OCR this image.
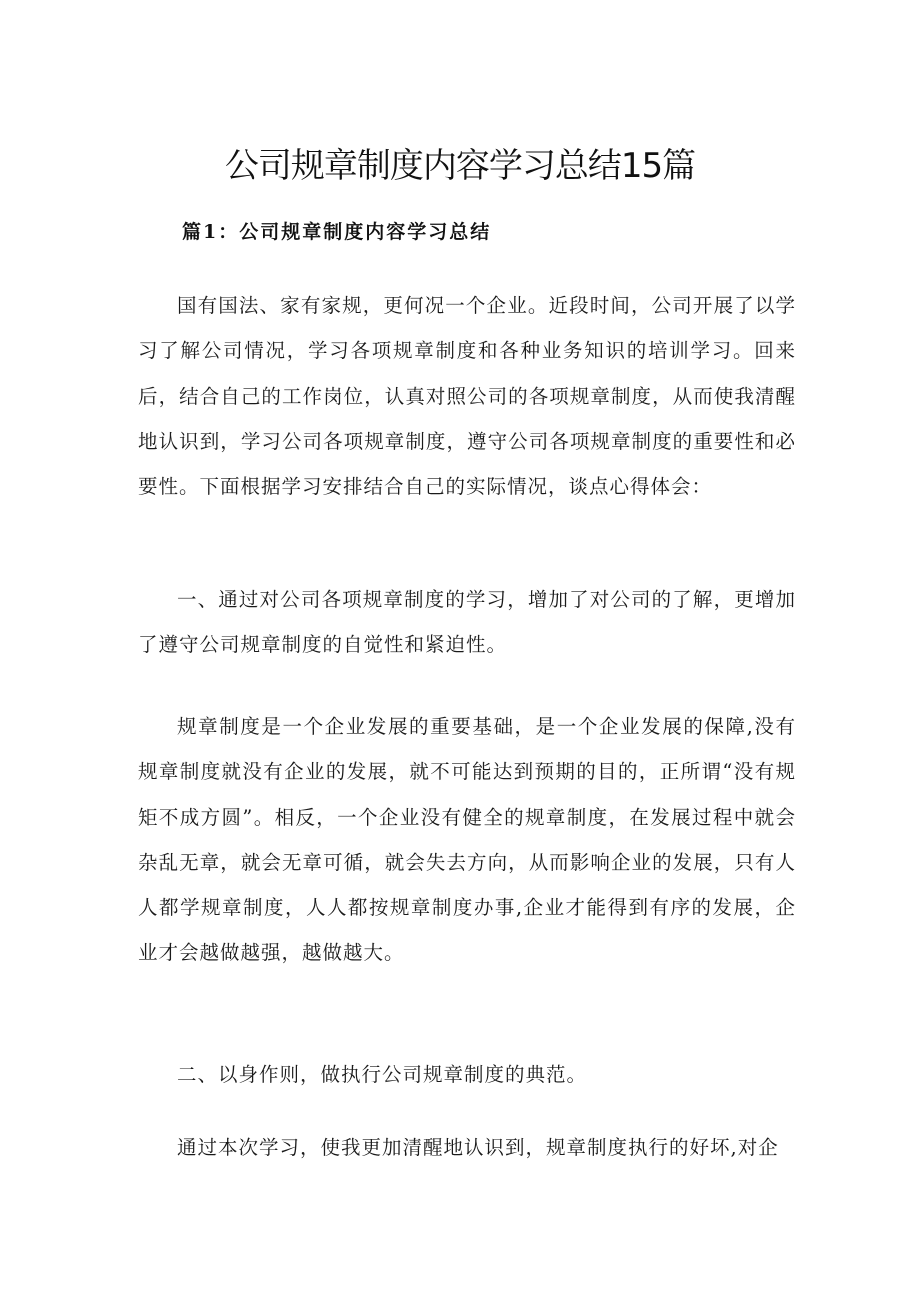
公司规章制度内容学习总结15篇
篇1：公司规章制度内容学习总结

国有国法、家有家规，更何况一个企业。近段时间，公司开展了以学习了解公司情况，学习各项规章制度和各种业务知识的培训学习。回来后，结合自己的工作岗位，认真对照公司的各项规章制度，从而使我清醒地认识到，学习公司各项规章制度，遵守公司各项规章制度的重要性和必要性。下面根据学习安排结合自己的实际情况，谈点心得体会：

一、通过对公司各项规章制度的学习，增加了对公司的了解，更增加了遵守公司规章制度的自觉性和紧迫性。

规章制度是一个企业发展的重要基础，是一个企业发展的保障,没有规章制度就没有企业的发展，就不可能达到预期的目的，正所谓“没有规矩不成方圆”。相反，一个企业没有健全的规章制度，在发展过程中就会杂乱无章，就会无章可循，就会失去方向，从而影响企业的发展，只有人人都学规章制度，人人都按规章制度办事,企业才能得到有序的发展，企业才会越做越强，越做越大。

二、以身作则，做执行公司规章制度的典范。

通过本次学习，使我更加清醒地认识到，规章制度执行的好坏,对企
